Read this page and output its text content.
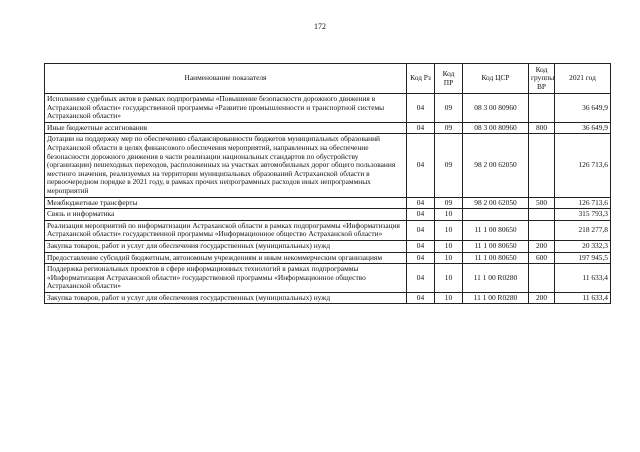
172
Наименование показателя	Код Рз	Код ПР	Код ЦСР	Код группы ВР	2021 год
Исполнение судебных актов в рамках подпрограммы «Повышение безопасности дорожного движения в Астраханской области» государственной программы «Развитие промышленности и транспортной системы Астраханской области»	04	09	08 3 00 80960		36 649,9
Иные бюджетные ассигнования	04	09	08 3 00 80960	800	36 649,9
Дотации на поддержку мер по обеспечению сбалансированности бюджетов муниципальных образований Астраханской области в целях финансового обеспечения мероприятий, направленных на обеспечение безопасности дорожного движения в части реализации национальных стандартов по обустройству (организации) пешеходных переходов, расположенных на участках автомобильных дорог общего пользования местного значения, реализуемых на территории муниципальных образований Астраханской области в первоочередном порядке в 2021 году, в рамках прочих непрограммных расходов иных непрограммных мероприятий	04	09	98 2 00 62050		126 713,6
Межбюджетные трансферты	04	09	98 2 00 62050	500	126 713,6
Связь и информатика	04	10			315 793,3
Реализация мероприятий по информатизации Астраханской области в рамках подпрограммы «Информатизация Астраханской области» государственной программы «Информационное общество Астраханской области»	04	10	11 1 00 80650		218 277,8
Закупка товаров, работ и услуг для обеспечения государственных (муниципальных) нужд	04	10	11 1 00 80650	200	20 332,3
Предоставление субсидий бюджетным, автономным учреждениям и иным некоммерческим организациям	04	10	11 1 00 80650	600	197 945,5
Поддержка региональных проектов в сфере информационных технологий в рамках подпрограммы «Информатизация Астраханской области» государственной программы «Информационное общество Астраханской области»	04	10	11 1 00 R0280		11 633,4
Закупка товаров, работ и услуг для обеспечения государственных (муниципальных) нужд	04	10	11 1 00 R0280	200	11 633,4
